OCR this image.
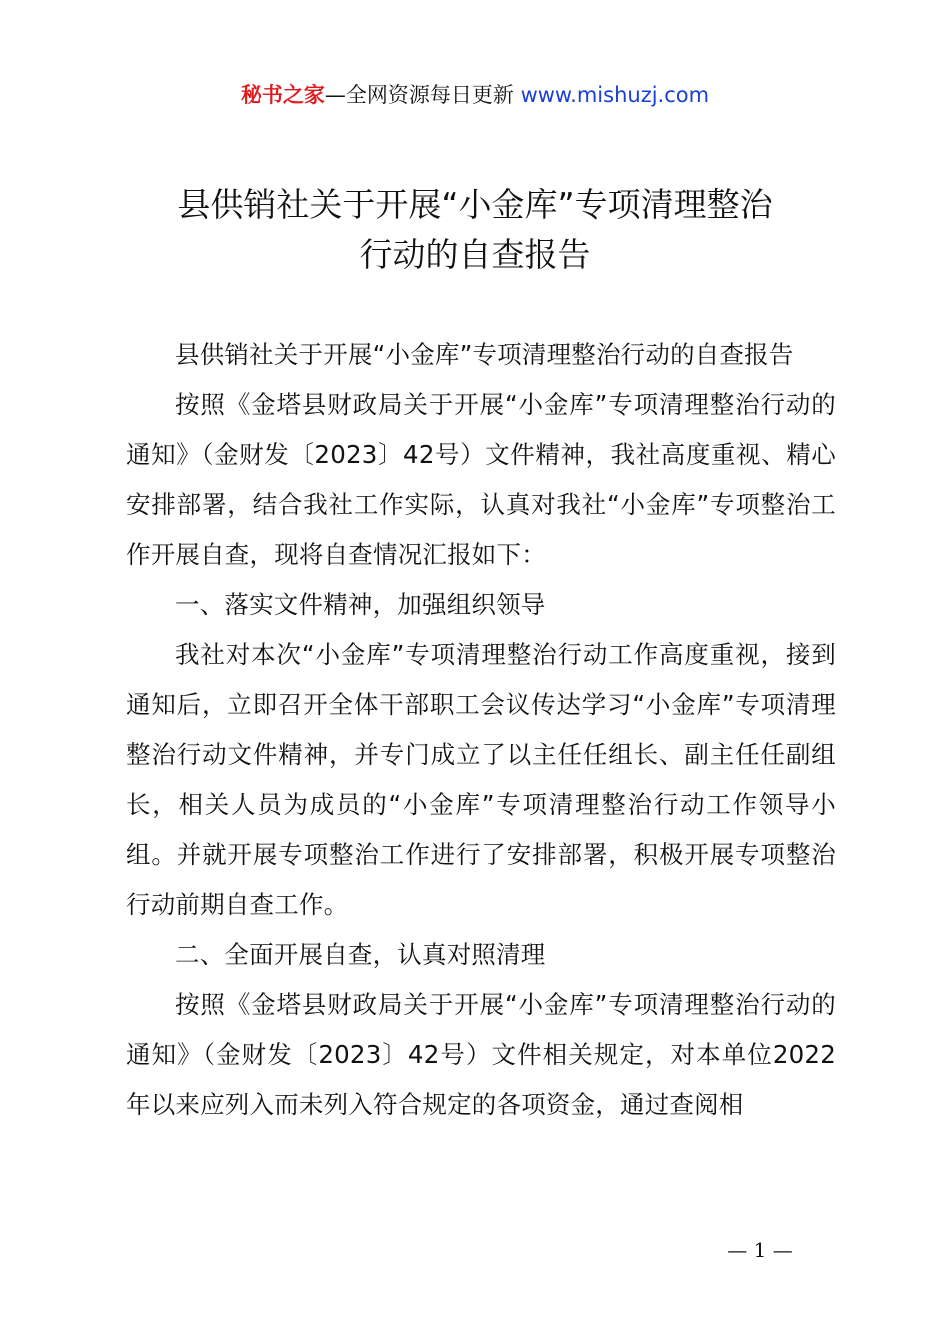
秘书之家—全网资源每日更新 www.mishuzj.com
县供销社关于开展“小金库”专项清理整治
行动的自查报告

县供销社关于开展“小金库”专项清理整治行动的自查报告

按照《金塔县财政局关于开展“小金库”专项清理整治行动的通知》（金财发〔2023〕42号）文件精神，我社高度重视、精心安排部署，结合我社工作实际，认真对我社“小金库”专项整治工作开展自查，现将自查情况汇报如下：

一、落实文件精神，加强组织领导

我社对本次“小金库”专项清理整治行动工作高度重视，接到通知后，立即召开全体干部职工会议传达学习“小金库”专项清理整治行动文件精神，并专门成立了以主任任组长、副主任任副组长，相关人员为成员的“小金库”专项清理整治行动工作领导小组。并就开展专项整治工作进行了安排部署，积极开展专项整治行动前期自查工作。

二、全面开展自查，认真对照清理

按照《金塔县财政局关于开展“小金库”专项清理整治行动的通知》（金财发〔2023〕42号）文件相关规定，对本单位2022年以来应列入而未列入符合规定的各项资金，通过查阅相

— 1 —
